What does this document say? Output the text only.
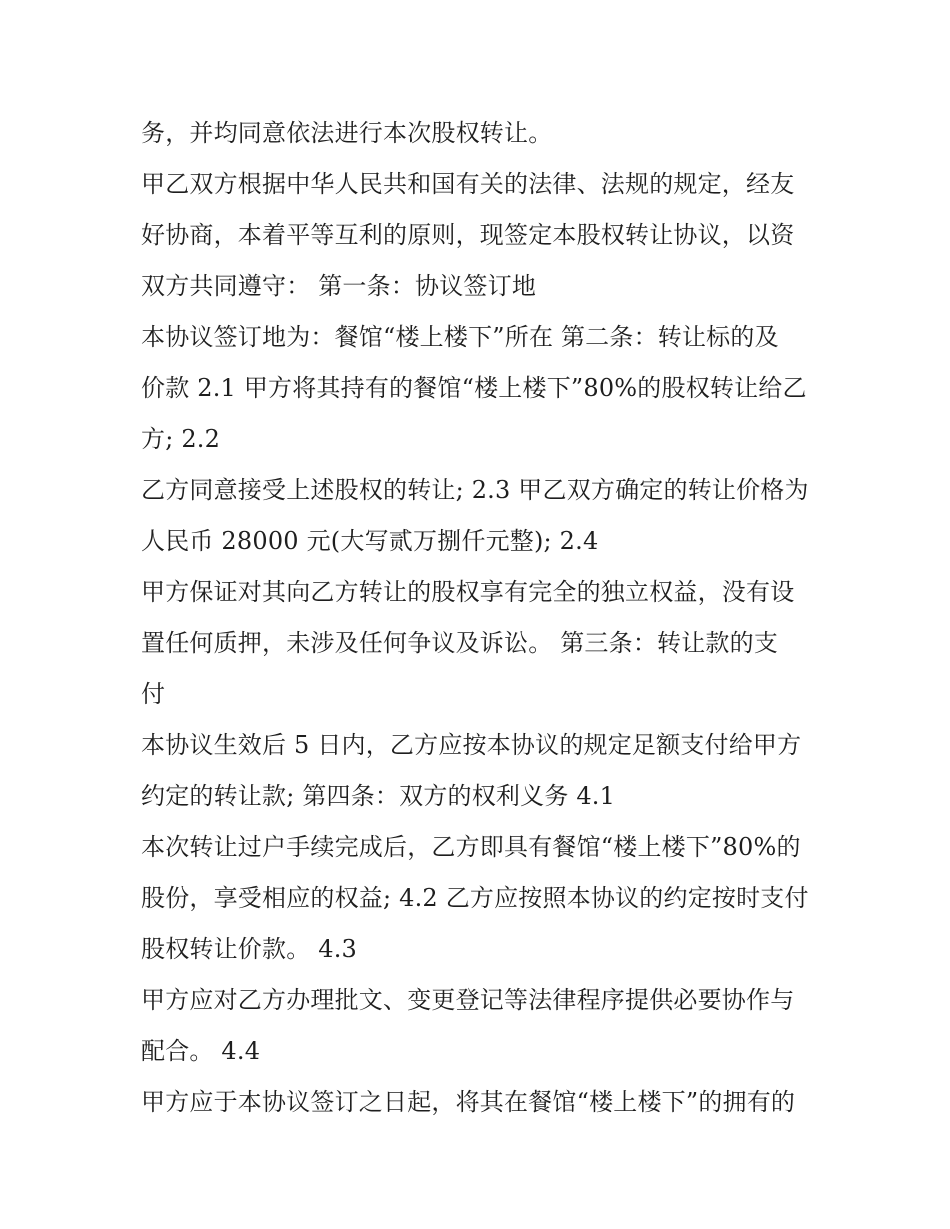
务，并均同意依法进行本次股权转让。
甲乙双方根据中华人民共和国有关的法律、法规的规定，经友
好协商，本着平等互利的原则，现签定本股权转让协议，以资
双方共同遵守： 第一条：协议签订地
本协议签订地为：餐馆“楼上楼下”所在 第二条：转让标的及
价款 2.1 甲方将其持有的餐馆“楼上楼下”80%的股权转让给乙
方; 2.2
乙方同意接受上述股权的转让; 2.3 甲乙双方确定的转让价格为
人民币 28000 元(大写贰万捌仟元整); 2.4
甲方保证对其向乙方转让的股权享有完全的独立权益，没有设
置任何质押，未涉及任何争议及诉讼。 第三条：转让款的支
付
本协议生效后 5 日内，乙方应按本协议的规定足额支付给甲方
约定的转让款; 第四条：双方的权利义务 4.1
本次转让过户手续完成后，乙方即具有餐馆“楼上楼下”80%的
股份，享受相应的权益; 4.2 乙方应按照本协议的约定按时支付
股权转让价款。 4.3
甲方应对乙方办理批文、变更登记等法律程序提供必要协作与
配合。 4.4
甲方应于本协议签订之日起，将其在餐馆“楼上楼下”的拥有的
